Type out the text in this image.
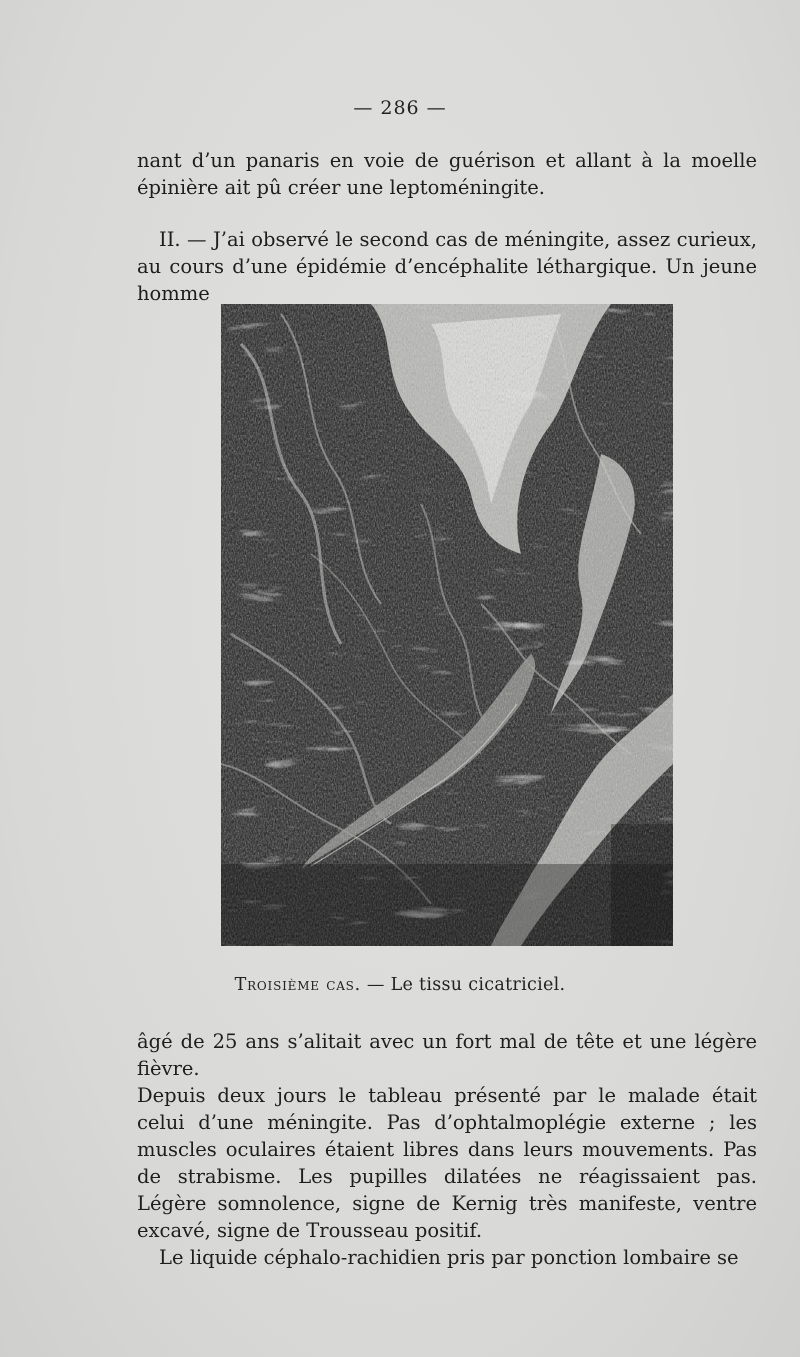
— 286 —
nant d’un panaris en voie de guérison et allant à la moelle épinière ait pû créer une leptoméningite.
II. — J’ai observé le second cas de méningite, assez curieux, au cours d’une épidémie d’encéphalite léthargique. Un jeune homme
Troisième cas. — Le tissu cicatriciel.
âgé de 25 ans s’alitait avec un fort mal de tête et une légère fièvre.
Depuis deux jours le tableau présenté par le malade était celui d’une méningite. Pas d’ophtalmoplégie externe ; les muscles oculaires étaient libres dans leurs mouvements. Pas de strabisme. Les pupilles dilatées ne réagissaient pas. Légère somnolence, signe de Kernig très manifeste, ventre excavé, signe de Trousseau positif.
Le liquide céphalo-rachidien pris par ponction lombaire se
